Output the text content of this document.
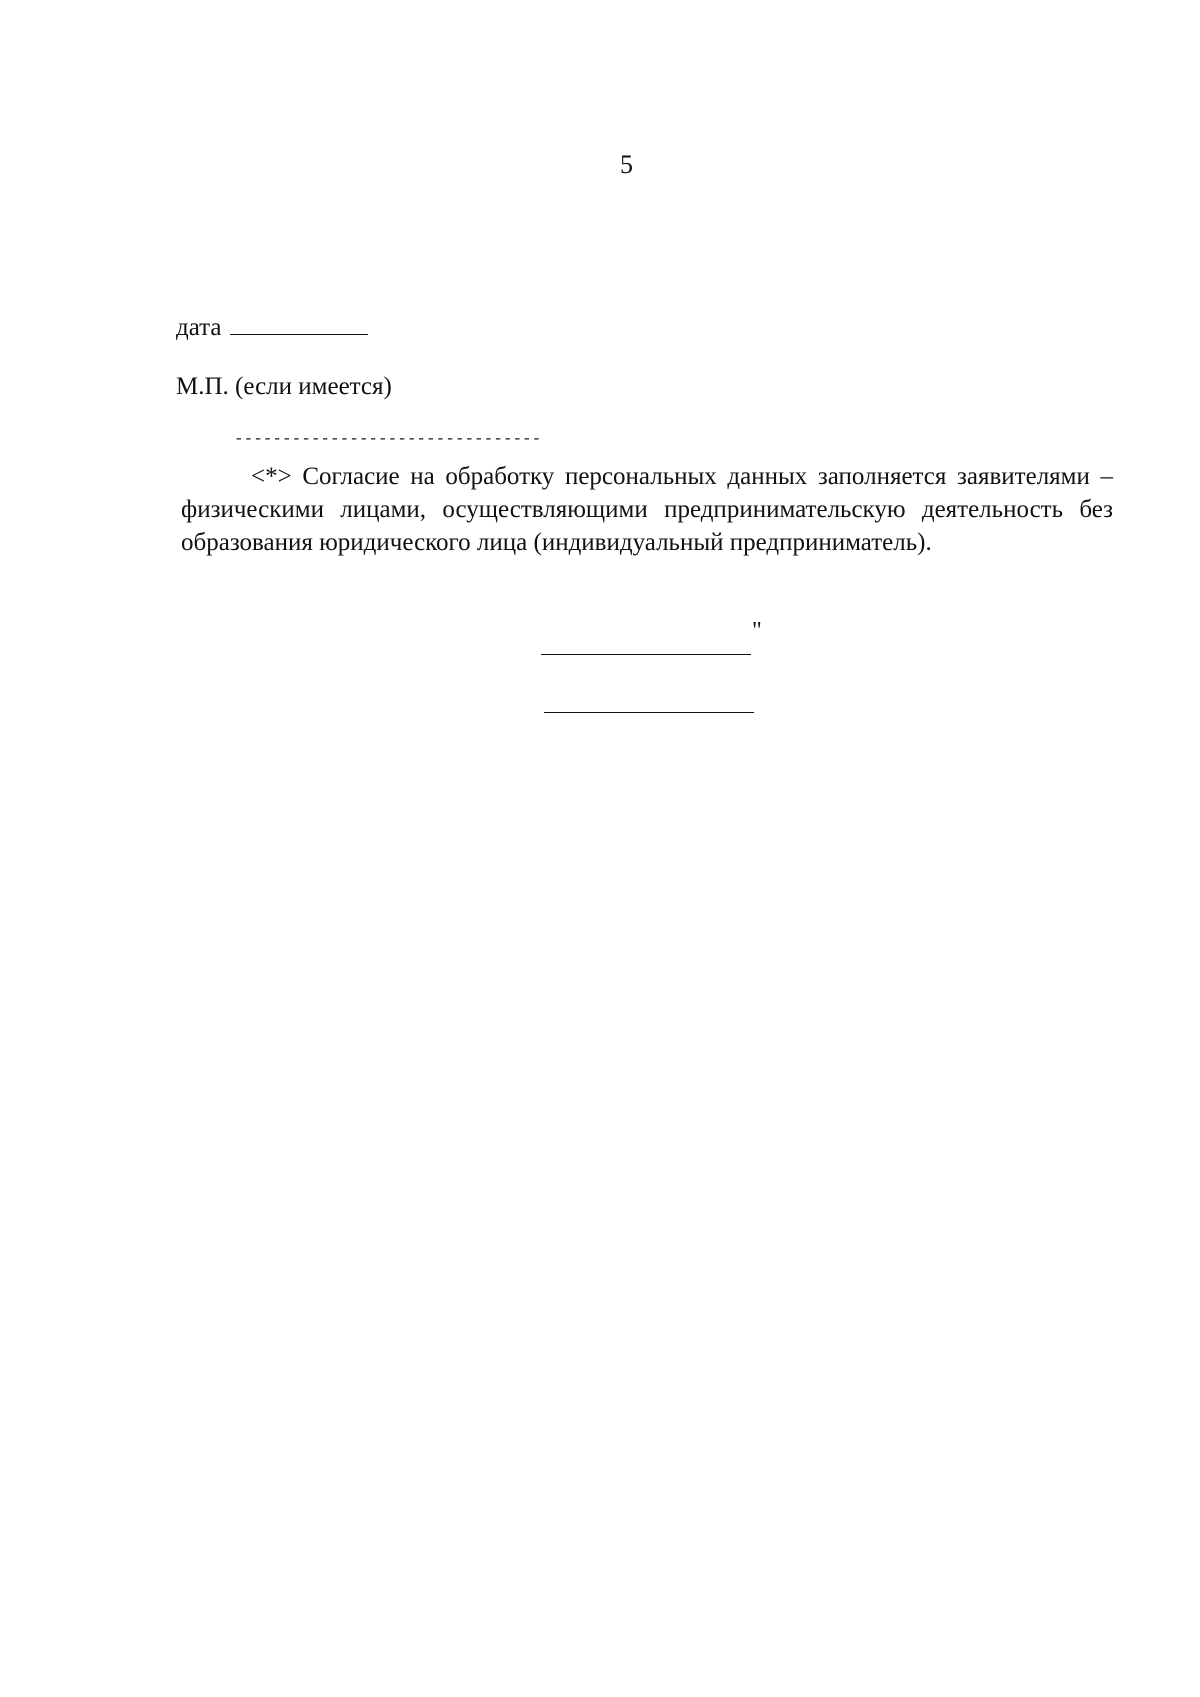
5
дата
М.П. (если имеется)
--------------------------------
<*> Согласие на обработку персональных данных заполняется заявителями – физическими лицами, осуществляющими предпринимательскую деятельность без образования юридического лица (индивидуальный предприниматель).
"
